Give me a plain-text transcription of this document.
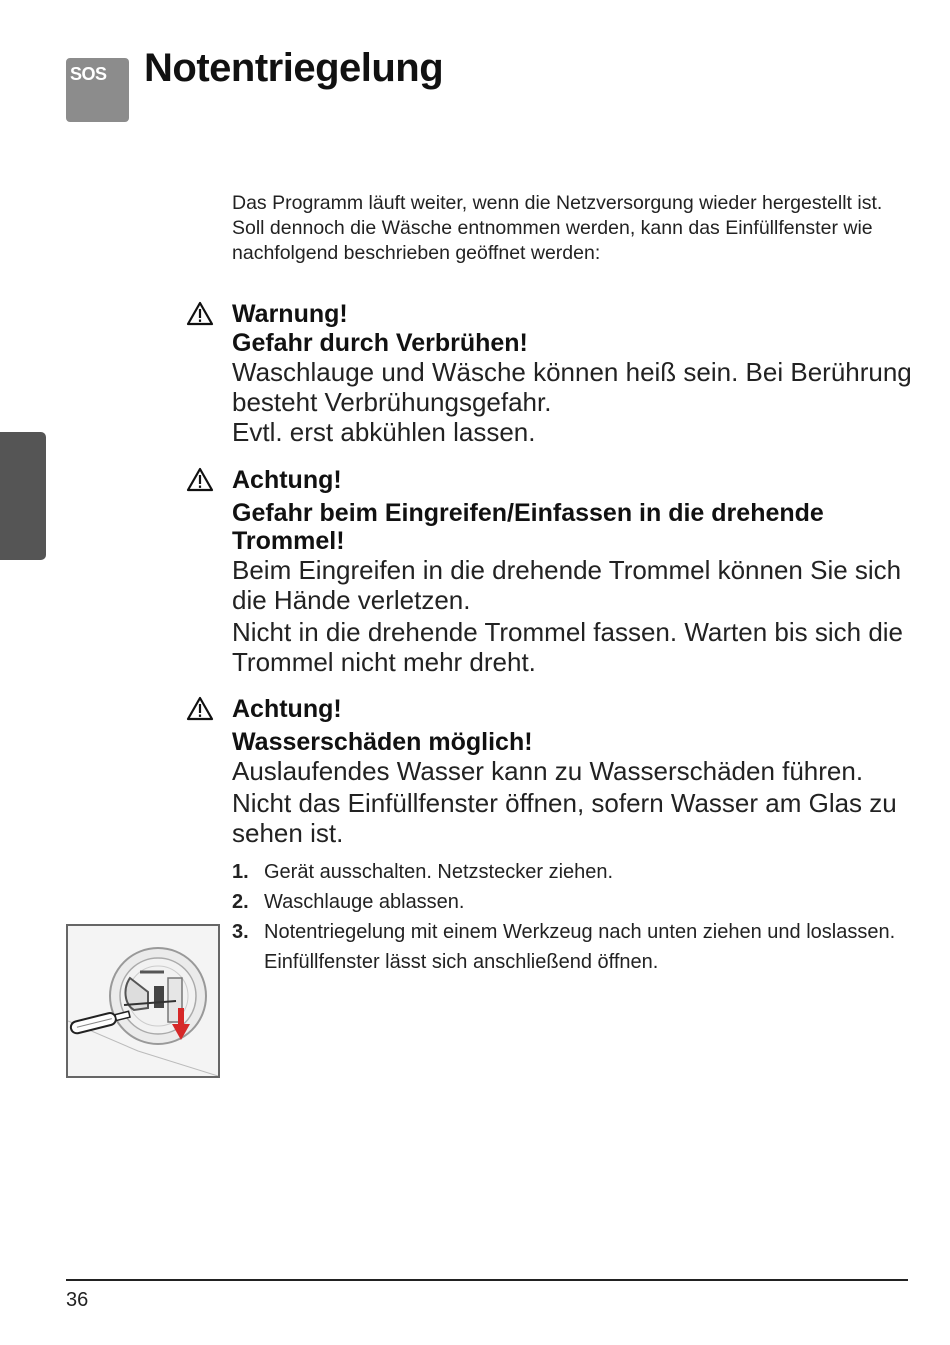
SOS Notentriegelung

Das Programm läuft weiter, wenn die Netzversorgung wieder hergestellt ist. Soll dennoch die Wäsche entnommen werden, kann das Einfüllfenster wie nachfolgend beschrieben geöffnet werden:

Warnung!
Gefahr durch Verbrühen!
Waschlauge und Wäsche können heiß sein. Bei Berührung besteht Verbrühungsgefahr.
Evtl. erst abkühlen lassen.
Achtung!
Gefahr beim Eingreifen/Einfassen in die drehende Trommel!
Beim Eingreifen in die drehende Trommel können Sie sich die Hände verletzen.
Nicht in die drehende Trommel fassen. Warten bis sich die Trommel nicht mehr dreht.
Achtung!
Wasserschäden möglich!
Auslaufendes Wasser kann zu Wasserschäden führen.
Nicht das Einfüllfenster öffnen, sofern Wasser am Glas zu sehen ist.
1. Gerät ausschalten. Netzstecker ziehen.
2. Waschlauge ablassen.
3. Notentriegelung mit einem Werkzeug nach unten ziehen und loslassen.
Einfüllfenster lässt sich anschließend öffnen.
36
